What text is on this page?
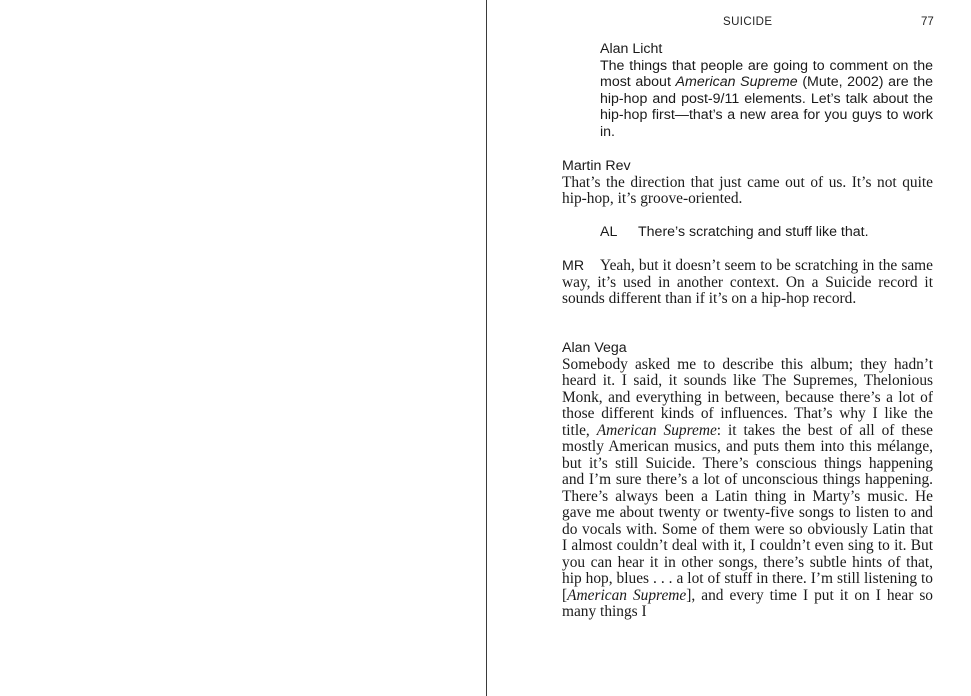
SUICIDE	77

Alan Licht

The things that people are going to comment on the most about American Supreme (Mute, 2002) are the hip-hop and post-9/11 elements. Let’s talk about the hip-hop first—that’s a new area for you guys to work in.

Martin Rev

That’s the direction that just came out of us. It’s not quite hip-hop, it’s groove-oriented.

AL There’s scratching and stuff like that.

MR Yeah, but it doesn’t seem to be scratching in the same way, it’s used in another context. On a Suicide record it sounds different than if it’s on a hip-hop record.

Alan Vega

Somebody asked me to describe this album; they hadn’t heard it. I said, it sounds like The Supremes, Thelonious Monk, and everything in between, because there’s a lot of those different kinds of influences. That’s why I like the title, American Supreme: it takes the best of all of these mostly American musics, and puts them into this mélange, but it’s still Suicide. There’s conscious things happening and I’m sure there’s a lot of unconscious things happening. There’s always been a Latin thing in Marty’s music. He gave me about twenty or twenty-five songs to listen to and do vocals with. Some of them were so obviously Latin that I almost couldn’t deal with it, I couldn’t even sing to it. But you can hear it in other songs, there’s subtle hints of that, hip hop, blues . . . a lot of stuff in there. I’m still listening to [American Supreme], and every time I put it on I hear so many things I
